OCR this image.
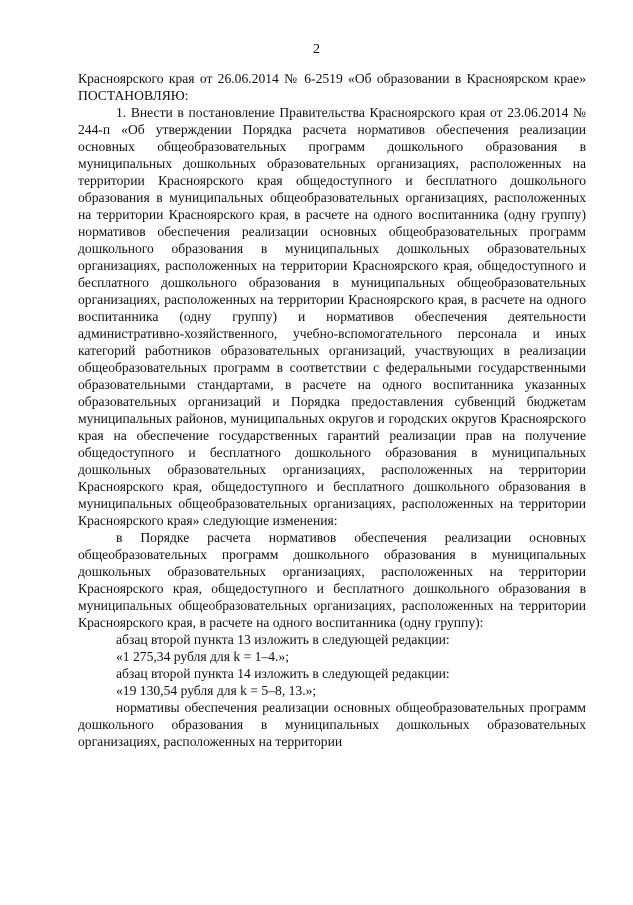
2

Красноярского края от 26.06.2014 № 6-2519 «Об образовании в Красноярском крае» ПОСТАНОВЛЯЮ:

1. Внести в постановление Правительства Красноярского края от 23.06.2014 № 244-п «Об утверждении Порядка расчета нормативов обеспечения реализации основных общеобразовательных программ дошкольного образования в муниципальных дошкольных образовательных организациях, расположенных на территории Красноярского края общедоступного и бесплатного дошкольного образования в муниципальных общеобразовательных организациях, расположенных на территории Красноярского края, в расчете на одного воспитанника (одну группу) нормативов обеспечения реализации основных общеобразовательных программ дошкольного образования в муниципальных дошкольных образовательных организациях, расположенных на территории Красноярского края, общедоступного и бесплатного дошкольного образования в муниципальных общеобразовательных организациях, расположенных на территории Красноярского края, в расчете на одного воспитанника (одну группу) и нормативов обеспечения деятельности административно-хозяйственного, учебно-вспомогательного персонала и иных категорий работников образовательных организаций, участвующих в реализации общеобразовательных программ в соответствии с федеральными государственными образовательными стандартами, в расчете на одного воспитанника указанных образовательных организаций и Порядка предоставления субвенций бюджетам муниципальных районов, муниципальных округов и городских округов Красноярского края на обеспечение государственных гарантий реализации прав на получение общедоступного и бесплатного дошкольного образования в муниципальных дошкольных образовательных организациях, расположенных на территории Красноярского края, общедоступного и бесплатного дошкольного образования в муниципальных общеобразовательных организациях, расположенных на территории Красноярского края» следующие изменения:

в Порядке расчета нормативов обеспечения реализации основных общеобразовательных программ дошкольного образования в муниципальных дошкольных образовательных организациях, расположенных на территории Красноярского края, общедоступного и бесплатного дошкольного образования в муниципальных общеобразовательных организациях, расположенных на территории Красноярского края, в расчете на одного воспитанника (одну группу):

абзац второй пункта 13 изложить в следующей редакции:

«1 275,34 рубля для k = 1–4.»;

абзац второй пункта 14 изложить в следующей редакции:

«19 130,54 рубля для k = 5–8, 13.»;

нормативы обеспечения реализации основных общеобразовательных программ дошкольного образования в муниципальных дошкольных образовательных организациях, расположенных на территории
